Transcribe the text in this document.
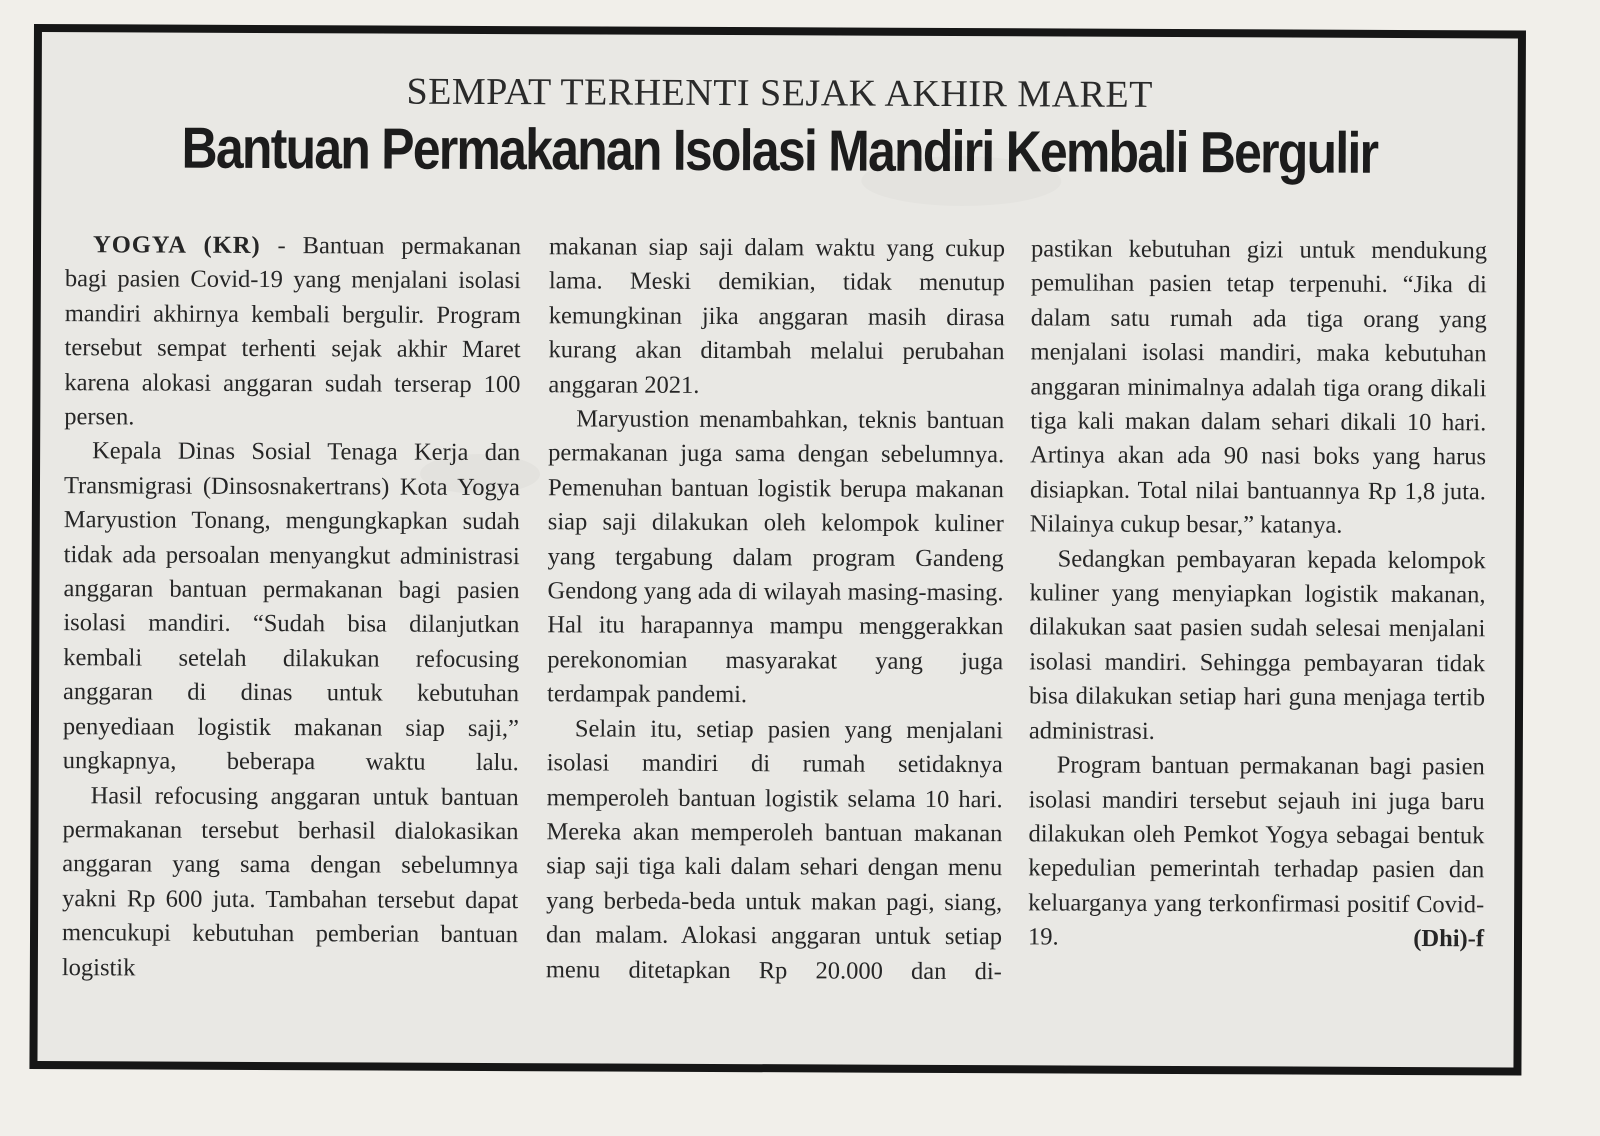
SEMPAT TERHENTI SEJAK AKHIR MARET
Bantuan Permakanan Isolasi Mandiri Kembali Bergulir

YOGYA (KR) - Bantuan permakanan bagi pasien Covid-19 yang menjalani isolasi mandiri akhirnya kembali bergulir. Program tersebut sempat terhenti sejak akhir Maret karena alokasi anggaran sudah terserap 100 persen.

Kepala Dinas Sosial Tenaga Kerja dan Transmigrasi (Dinsosnakertrans) Kota Yogya Maryustion Tonang, mengungkapkan sudah tidak ada persoalan menyangkut administrasi anggaran bantuan permakanan bagi pasien isolasi mandiri. “Sudah bisa dilanjutkan kembali setelah dilakukan refocusing anggaran di dinas untuk kebutuhan penyediaan logistik makanan siap saji,” ungkapnya, beberapa waktu lalu.

Hasil refocusing anggaran untuk bantuan permakanan tersebut berhasil dialokasikan anggaran yang sama dengan sebelumnya yakni Rp 600 juta. Tambahan tersebut dapat mencukupi kebutuhan pemberian bantuan logistik

makanan siap saji dalam waktu yang cukup lama. Meski demikian, tidak menutup kemungkinan jika anggaran masih dirasa kurang akan ditambah melalui perubahan anggaran 2021.

Maryustion menambahkan, teknis bantuan permakanan juga sama dengan sebelumnya. Pemenuhan bantuan logistik berupa makanan siap saji dilakukan oleh kelompok kuliner yang tergabung dalam program Gandeng Gendong yang ada di wilayah masing-masing. Hal itu harapannya mampu menggerakkan perekonomian masyarakat yang juga terdampak pandemi.

Selain itu, setiap pasien yang menjalani isolasi mandiri di rumah setidaknya memperoleh bantuan logistik selama 10 hari. Mereka akan memperoleh bantuan makanan siap saji tiga kali dalam sehari dengan menu yang berbeda-beda untuk makan pagi, siang, dan malam. Alokasi anggaran untuk setiap menu ditetapkan Rp 20.000 dan di-

pastikan kebutuhan gizi untuk mendukung pemulihan pasien tetap terpenuhi. “Jika di dalam satu rumah ada tiga orang yang menjalani isolasi mandiri, maka kebutuhan anggaran minimalnya adalah tiga orang dikali tiga kali makan dalam sehari dikali 10 hari. Artinya akan ada 90 nasi boks yang harus disiapkan. Total nilai bantuannya Rp 1,8 juta. Nilainya cukup besar,” katanya.

Sedangkan pembayaran kepada kelompok kuliner yang menyiapkan logistik makanan, dilakukan saat pasien sudah selesai menjalani isolasi mandiri. Sehingga pembayaran tidak bisa dilakukan setiap hari guna menjaga tertib administrasi.

Program bantuan permakanan bagi pasien isolasi mandiri tersebut sejauh ini juga baru dilakukan oleh Pemkot Yogya sebagai bentuk kepedulian pemerintah terhadap pasien dan keluarganya yang terkonfirmasi positif Covid-19.	(Dhi)-f
